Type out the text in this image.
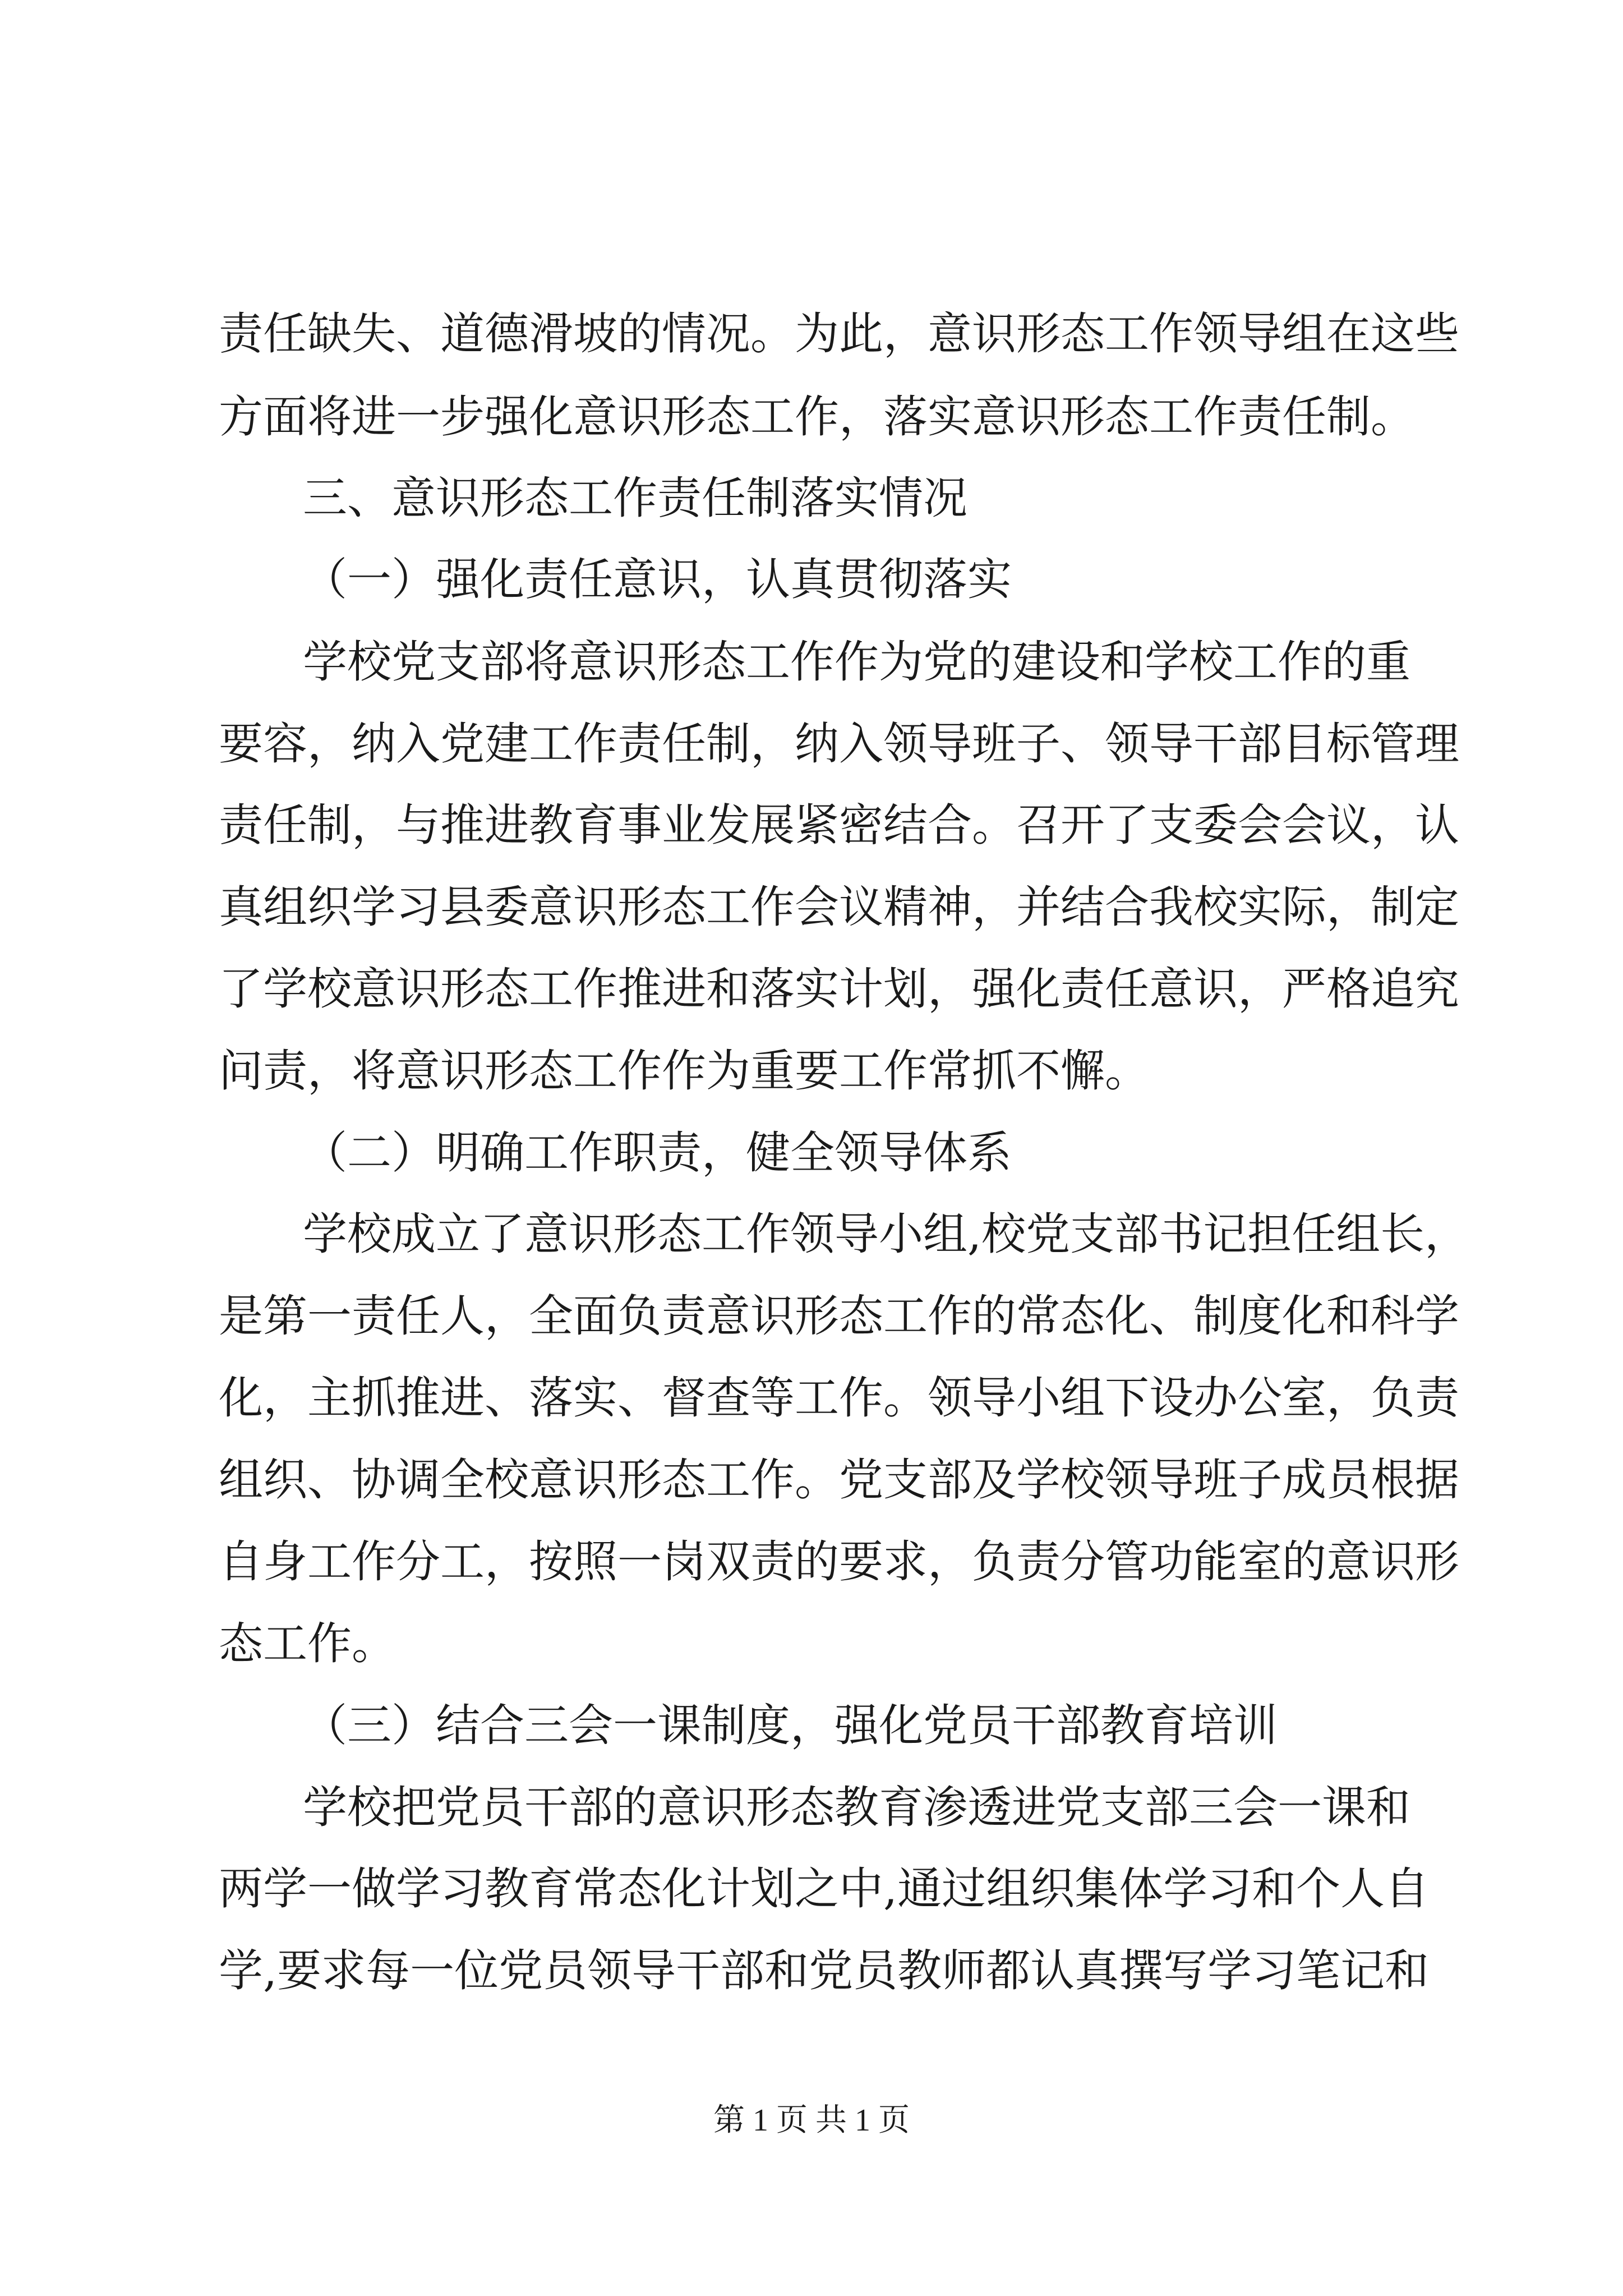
责任缺失、道德滑坡的情况。为此，意识形态工作领导组在这些
方面将进一步强化意识形态工作，落实意识形态工作责任制。
三、意识形态工作责任制落实情况
（一）强化责任意识，认真贯彻落实
学校党支部将意识形态工作作为党的建设和学校工作的重
要容，纳入党建工作责任制，纳入领导班子、领导干部目标管理
责任制，与推进教育事业发展紧密结合。召开了支委会会议，认
真组织学习县委意识形态工作会议精神，并结合我校实际，制定
了学校意识形态工作推进和落实计划，强化责任意识，严格追究
问责，将意识形态工作作为重要工作常抓不懈。
（二）明确工作职责，健全领导体系
学校成立了意识形态工作领导小组,校党支部书记担任组长，
是第一责任人，全面负责意识形态工作的常态化、制度化和科学
化，主抓推进、落实、督查等工作。领导小组下设办公室，负责
组织、协调全校意识形态工作。党支部及学校领导班子成员根据
自身工作分工，按照一岗双责的要求，负责分管功能室的意识形
态工作。
（三）结合三会一课制度，强化党员干部教育培训
学校把党员干部的意识形态教育渗透进党支部三会一课和
两学一做学习教育常态化计划之中,通过组织集体学习和个人自
学,要求每一位党员领导干部和党员教师都认真撰写学习笔记和
第 1 页 共 1 页
